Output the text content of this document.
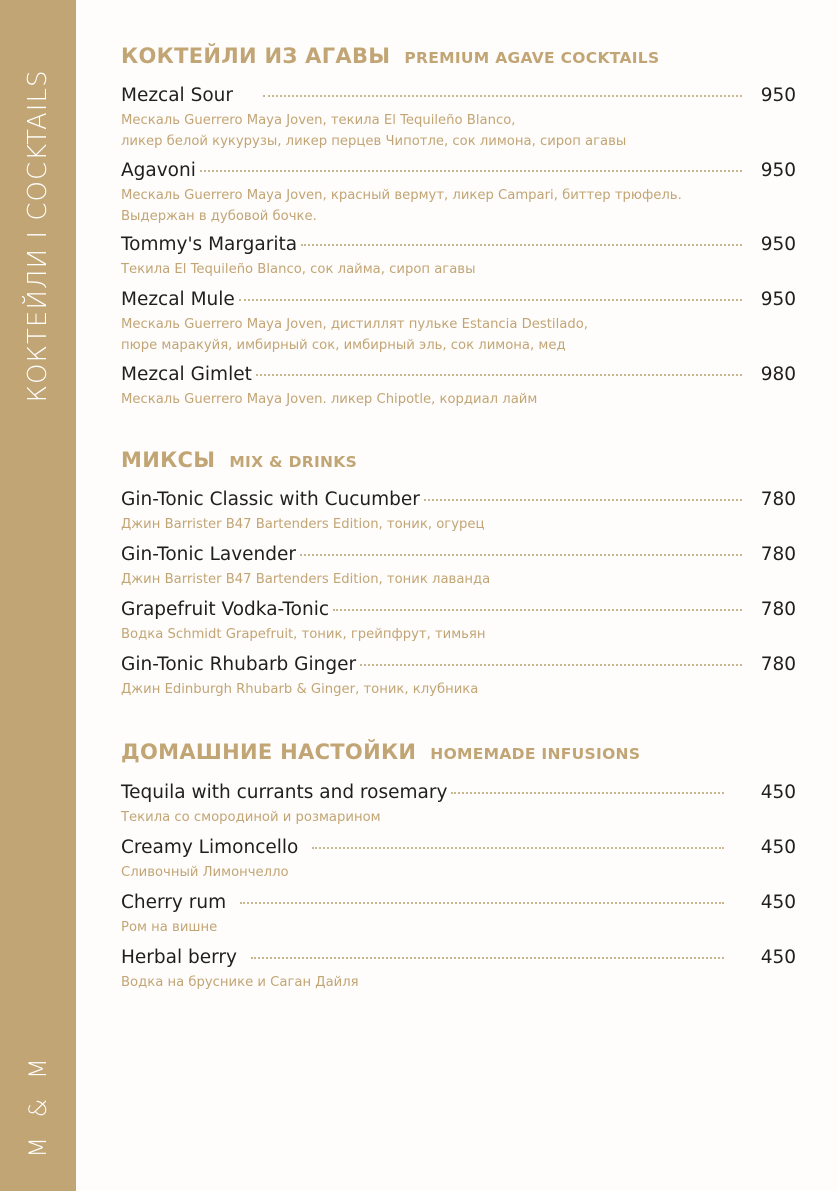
КОКТЕЙЛИ I COCKTAILS
M & M
КОКТЕЙЛИ ИЗ АГАВЫ PREMIUM AGAVE COCKTAILS
Mezcal Sour	950
Мескаль Guerrero Maya Joven, текила El Tequileño Blanco,
ликер белой кукурузы, ликер перцев Чипотле, сок лимона, сироп агавы
Agavoni	950
Мескаль Guerrero Maya Joven, красный вермут, ликер Campari, биттер трюфель.
Выдержан в дубовой бочке.
Tommy's Margarita	950
Текила El Tequileño Blanco, сок лайма, сироп агавы
Mezcal Mule	950
Мескаль Guerrero Maya Joven, дистиллят пульке Estancia Destilado,
пюре маракуйя, имбирный сок, имбирный эль, сок лимона, мед
Mezcal Gimlet	980
Мескаль Guerrero Maya Joven. ликер Chipotle, кордиал лайм
МИКСЫ MIX & DRINKS
Gin-Tonic Classic with Cucumber	780
Джин Barrister B47 Bartenders Edition, тоник, огурец
Gin-Tonic Lavender	780
Джин Barrister B47 Bartenders Edition, тоник лаванда
Grapefruit Vodka-Tonic	780
Водка Schmidt Grapefruit, тоник, грейпфрут, тимьян
Gin-Tonic Rhubarb Ginger	780
Джин Edinburgh Rhubarb & Ginger, тоник, клубника
ДОМАШНИЕ НАСТОЙКИ HOMEMADE INFUSIONS
Tequila with currants and rosemary	450
Текила со смородиной и розмарином
Creamy Limoncello	450
Сливочный Лимончелло
Cherry rum	450
Ром на вишне
Herbal berry	450
Водка на бруснике и Саган Дайля
